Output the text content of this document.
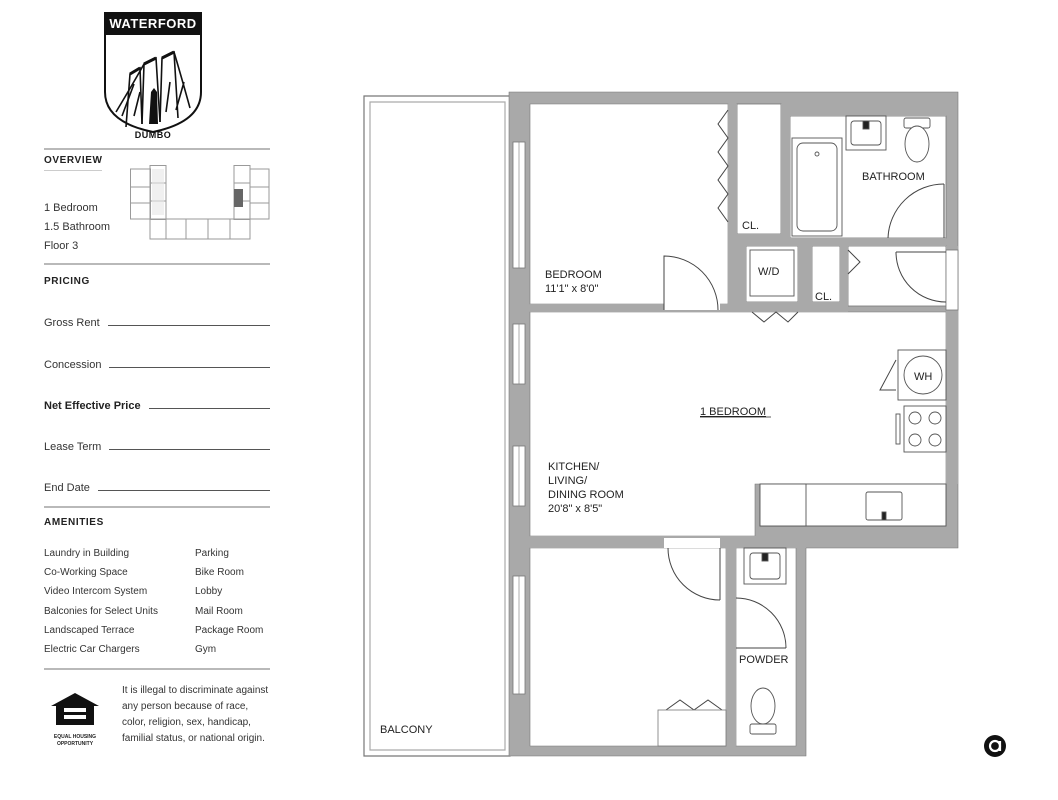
WATERFORD
DUMBO
OVERVIEW
1 Bedroom
1.5 Bathroom
Floor 3
PRICING
Gross Rent
Concession
Net Effective Price
Lease Term
End Date
AMENITIES
Laundry in Building
Co-Working Space
Video Intercom System
Balconies for Select Units
Landscaped Terrace
Electric Car Chargers
Parking
Bike Room
Lobby
Mail Room
Package Room
Gym
EQUAL HOUSING
OPPORTUNITY
It is illegal to discriminate against any person because of race, color, religion, sex, handicap, familial status, or national origin.
1 BEDROOM
BEDROOM
11'1" x 8'0"
BATHROOM
CL.
CL.
W/D
WH
KITCHEN/
LIVING/
DINING ROOM
20'8" x 8'5"
POWDER
BALCONY
